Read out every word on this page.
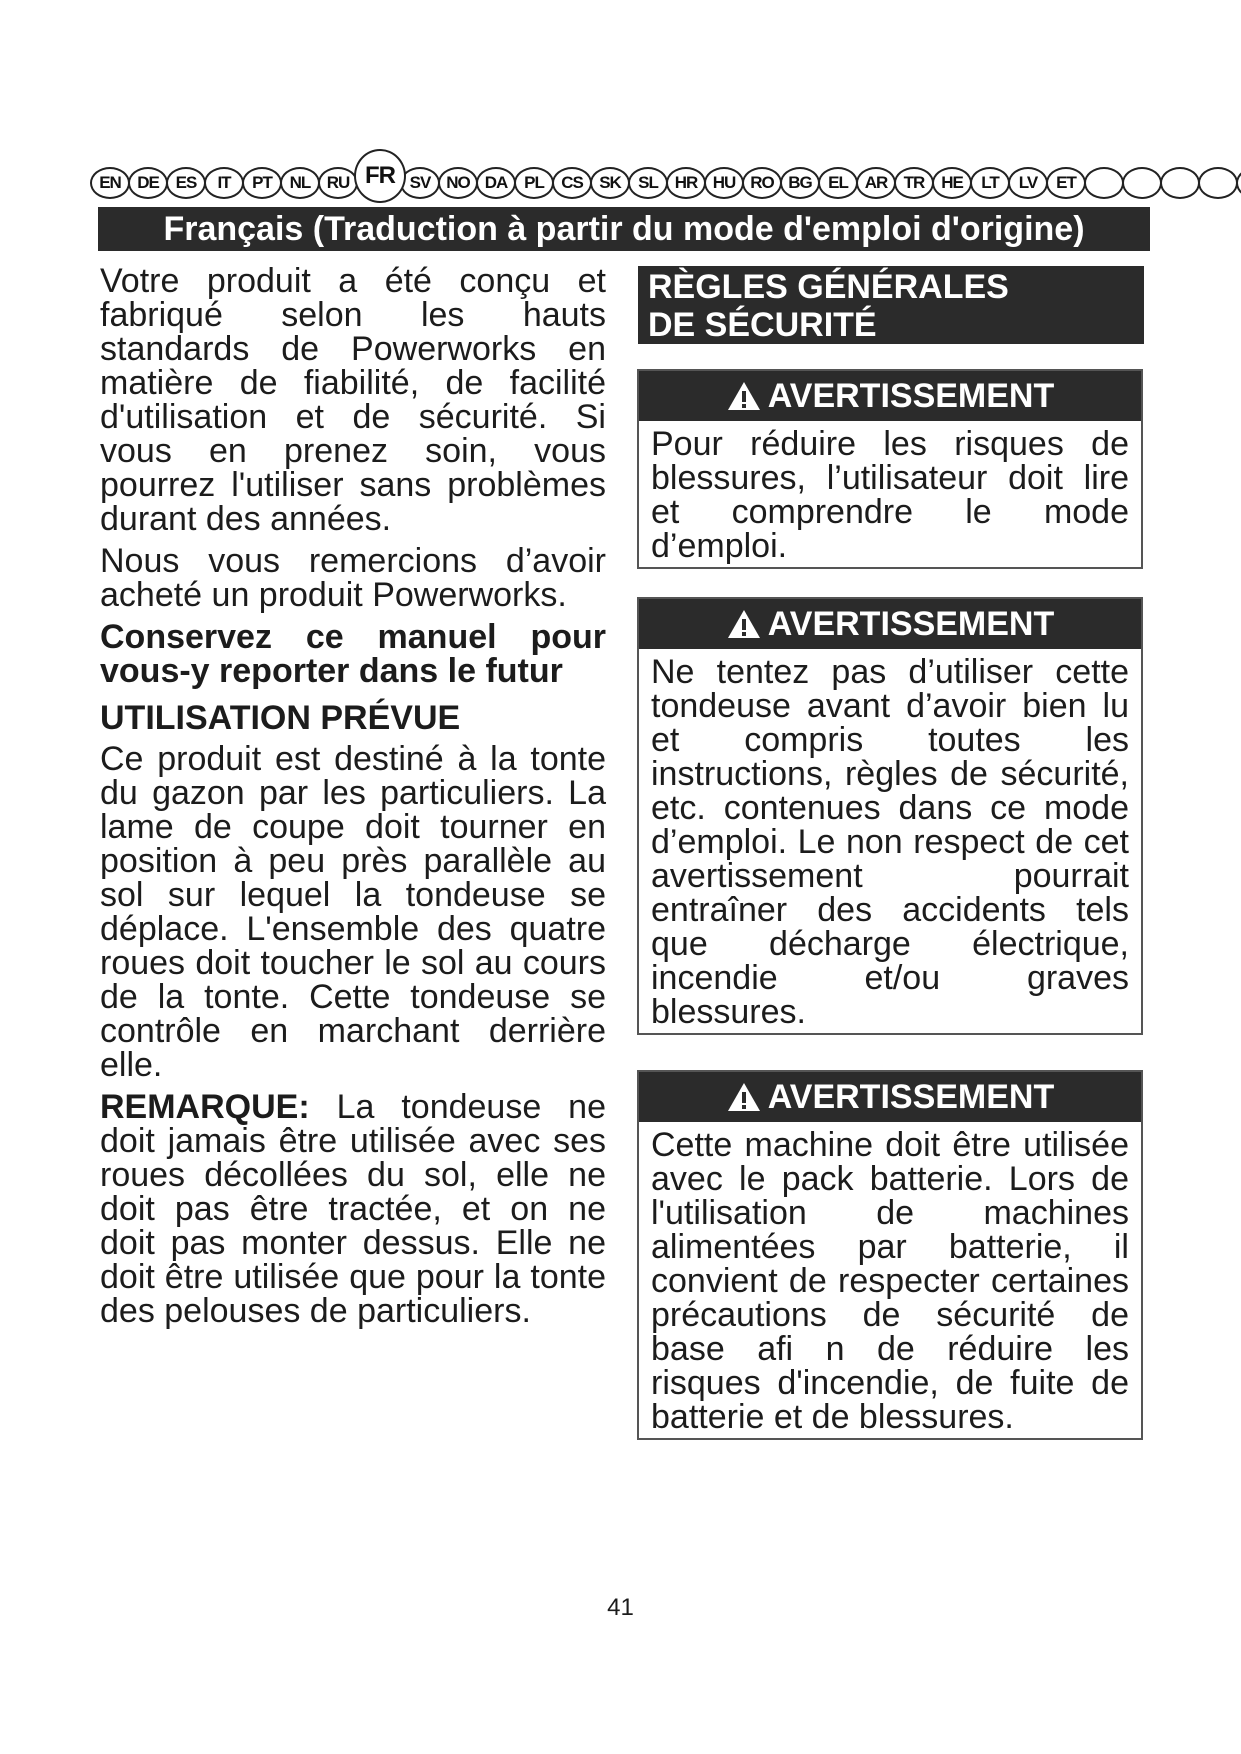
EN DE ES	IT	PT	NL RU FR SV NO DA PL	CS SK	SL HR HU RO BG EL AR TR HE	LT	LV	ET
Français (Traduction à partir du mode d'emploi d'origine)

Votre produit a été conçu et fabriqué selon les hauts standards de Powerworks en matière de fiabilité, de facilité d'utilisation et de sécurité. Si vous en prenez soin, vous pourrez l'utiliser sans problèmes durant des années.

Nous vous remercions d’avoir acheté un produit Powerworks.

Conservez ce manuel pour vous-y reporter dans le futur

UTILISATION PRÉVUE

Ce produit est destiné à la tonte du gazon par les particuliers. La lame de coupe doit tourner en position à peu près parallèle au sol sur lequel la tondeuse se déplace. L'ensemble des quatre roues doit toucher le sol au cours de la tonte. Cette tondeuse se contrôle en marchant derrière elle.

REMARQUE: La tondeuse ne doit jamais être utilisée avec ses roues décollées du sol, elle ne doit pas être tractée, et on ne doit pas monter dessus. Elle ne doit être utilisée que pour la tonte des pelouses de particuliers.

RÈGLES GÉNÉRALES
DE SÉCURITÉ
AVERTISSEMENT
Pour réduire les risques de blessures, l’utilisateur doit lire et comprendre le mode d’emploi.
AVERTISSEMENT
Ne tentez pas d’utiliser cette tondeuse avant d’avoir bien lu et compris toutes les instructions, règles de sécurité, etc. contenues dans ce mode d’emploi. Le non respect de cet avertissement pourrait entraîner des accidents tels que décharge électrique, incendie et/ou graves blessures.
AVERTISSEMENT
Cette machine doit être utilisée avec le pack batterie. Lors de l'utilisation de machines alimentées par batterie, il convient de respecter certaines précautions de sécurité de base afi n de réduire les risques d'incendie, de fuite de batterie et de blessures.
41
